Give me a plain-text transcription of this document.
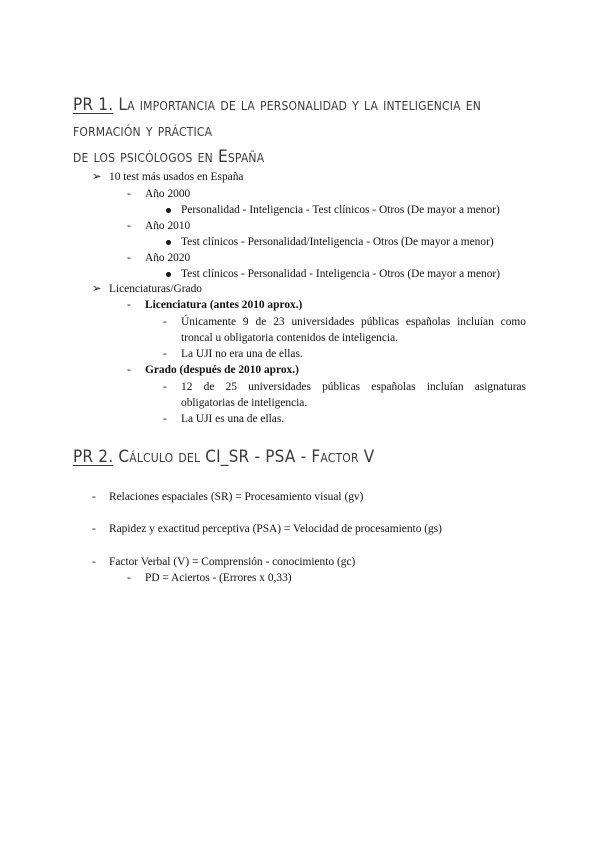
PR 1. La importancia de la personalidad y la inteligencia en formación y práctica
de los psicólogos en España
➢ 10 test más usados en España
- Año 2000
Personalidad - Inteligencia - Test clínicos - Otros (De mayor a menor)
- Año 2010
Test clínicos - Personalidad/Inteligencia - Otros (De mayor a menor)
- Año 2020
Test clínicos - Personalidad - Inteligencia - Otros (De mayor a menor)
➢ Licenciaturas/Grado
- Licenciatura (antes 2010 aprox.)
- Únicamente 9 de 23 universidades públicas españolas incluían como
troncal u obligatoria contenidos de inteligencia.
- La UJI no era una de ellas.
- Grado (después de 2010 aprox.)
- 12 de 25 universidades públicas españolas incluían asignaturas
obligatorias de inteligencia.
- La UJI es una de ellas.
PR 2. Cálculo del CI_SR - PSA - Factor V
- Relaciones espaciales (SR) = Procesamiento visual (gv)
- Rapidez y exactitud perceptiva (PSA) = Velocidad de procesamiento (gs)
- Factor Verbal (V) = Comprensión - conocimiento (gc)
- PD = Aciertos - (Errores x 0,33)
